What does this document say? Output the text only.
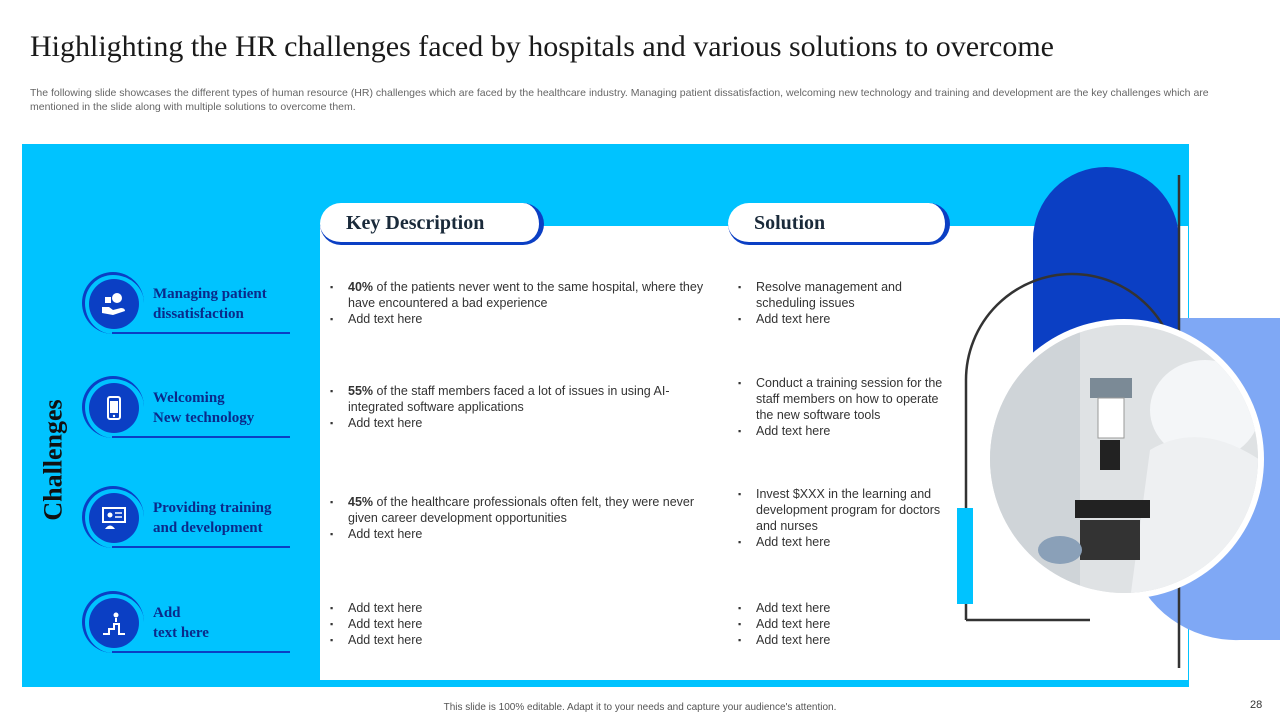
Highlighting the HR challenges faced by hospitals and various solutions to overcome
The following slide showcases the different types of human resource (HR) challenges which are faced by the healthcare industry. Managing patient dissatisfaction, welcoming new technology and training and development are the key challenges which are mentioned in the slide along with multiple solutions to overcome them.
Challenges
Key Description	Solution
Managing patient
dissatisfaction
Welcoming
New technology
Providing training
and development
Add
text here
▪ 40% of the patients never went to the same hospital, where they have encountered a bad experience
▪ Add text here
▪ 55% of the staff members faced a lot of issues in using AI-integrated software applications
▪ Add text here
▪ 45% of the healthcare professionals often felt, they were never given career development opportunities
▪ Add text here
▪ Add text here
▪ Add text here
▪ Add text here
▪ Resolve management and scheduling issues
▪ Add text here
▪ Conduct a training session for the staff members on how to operate the new software tools
▪ Add text here
▪ Invest $XXX in the learning and development program for doctors and nurses
▪ Add text here
▪ Add text here
▪ Add text here
▪ Add text here
This slide is 100% editable. Adapt it to your needs and capture your audience's attention.	28
